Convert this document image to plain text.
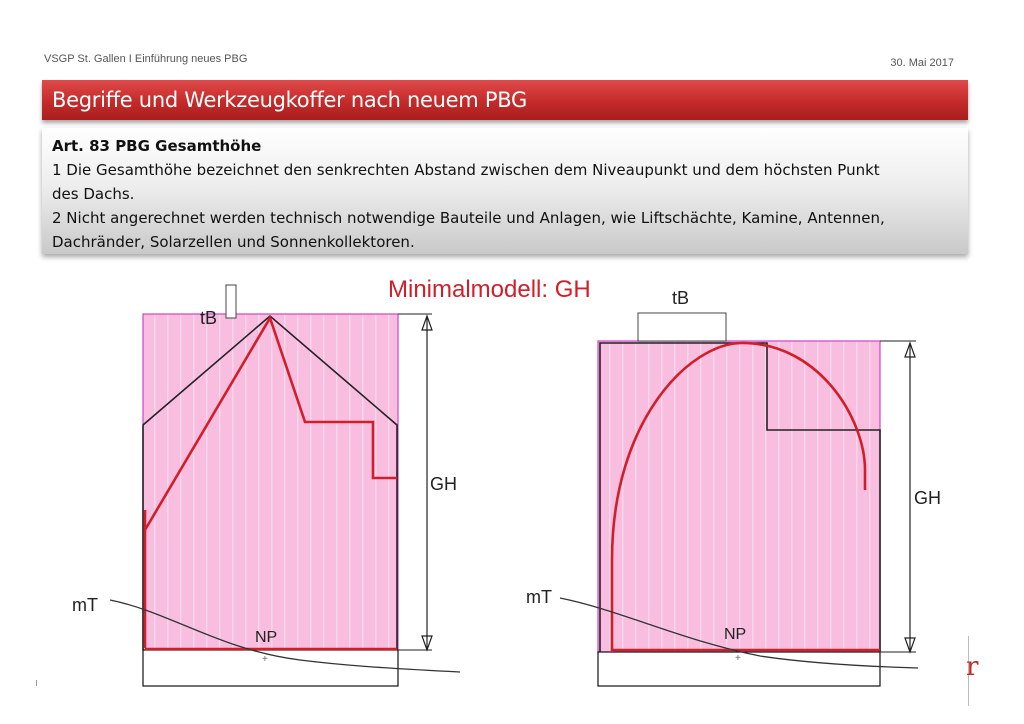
VSGP St. Gallen I Einführung neues PBG	30. Mai 2017
Begriffe und Werkzeugkoffer nach neuem PBG
Art. 83 PBG Gesamthöhe
1 Die Gesamthöhe bezeichnet den senkrechten Abstand zwischen dem Niveaupunkt und dem höchsten Punkt
des Dachs.
2 Nicht angerechnet werden technisch notwendige Bauteile und Anlagen, wie Liftschächte, Kamine, Antennen,
Dachränder, Solarzellen und Sonnenkollektoren.
Minimalmodell: GH
tB
GH
mT
NP
+
tB
GH
mT
NP
+	r
